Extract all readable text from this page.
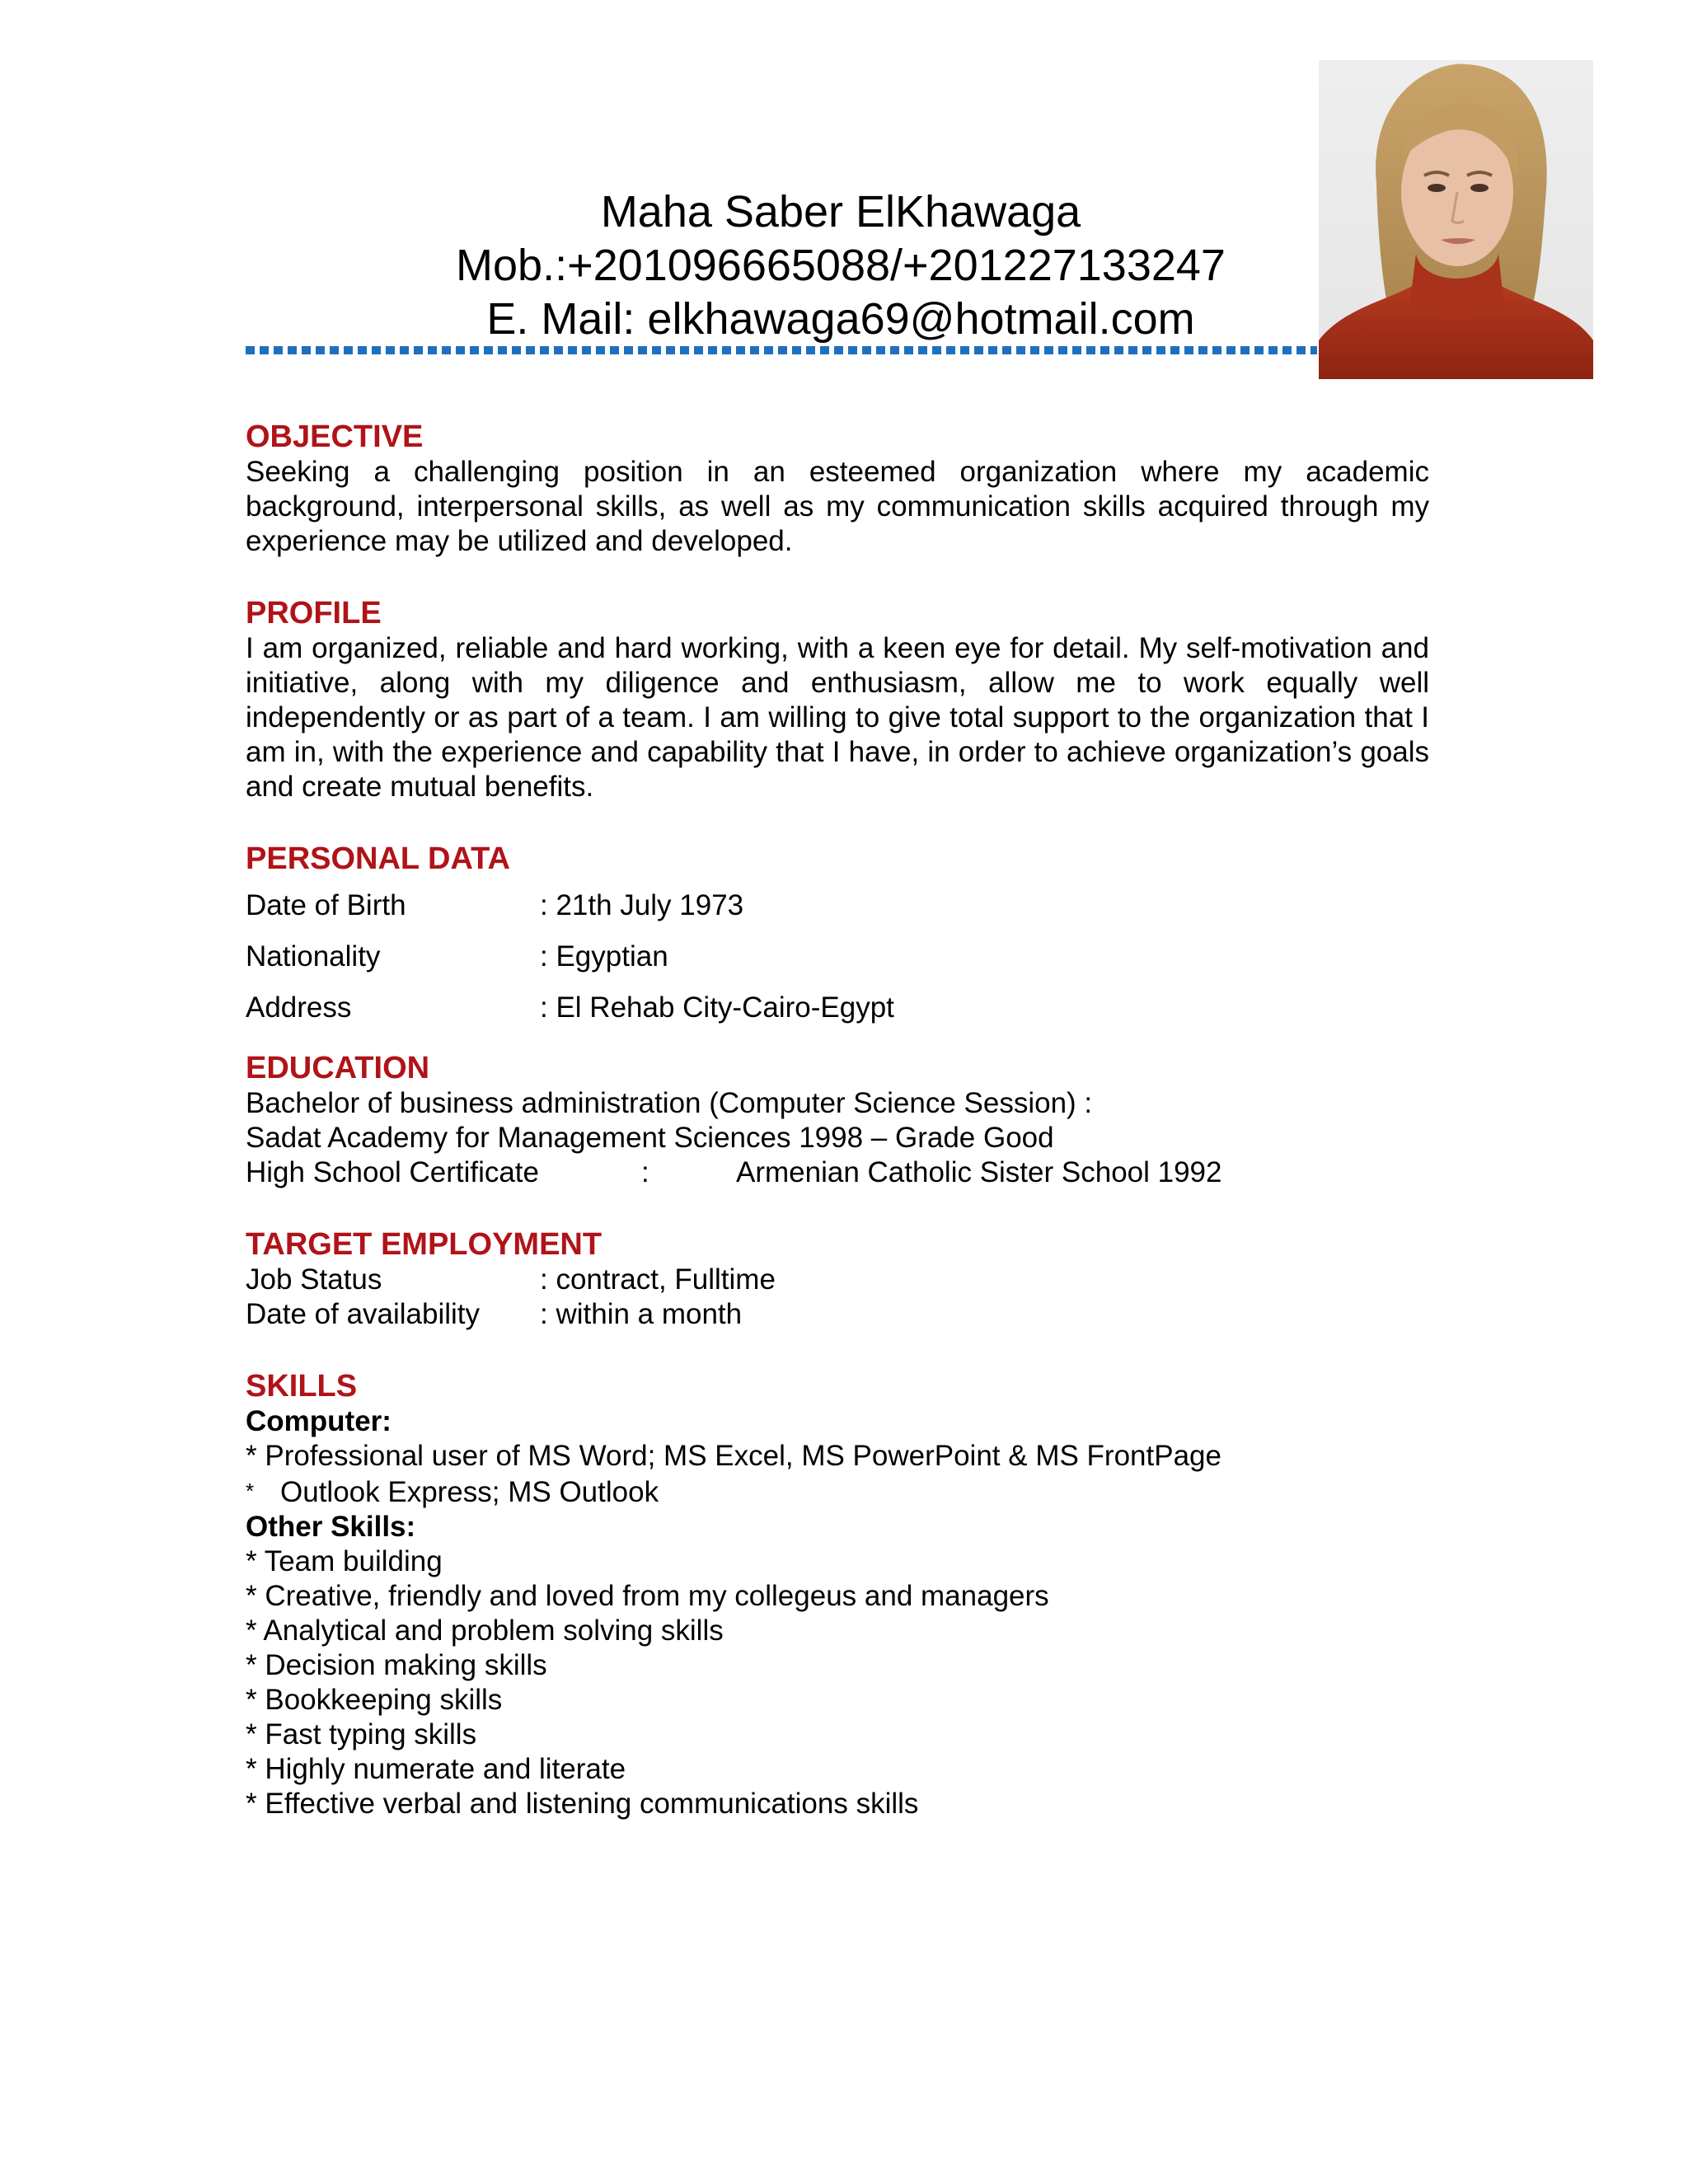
Maha Saber ElKhawaga
Mob.:+201096665088/+201227133247
E. Mail: elkhawaga69@hotmail.com
OBJECTIVE

Seeking a challenging position in an esteemed organization where my academic background, interpersonal skills, as well as my communication skills acquired through my experience may be utilized and developed.

PROFILE

I am organized, reliable and hard working, with a keen eye for detail. My self-motivation and initiative, along with my diligence and enthusiasm, allow me to work equally well independently or as part of a team. I am willing to give total support to the organization that I am in, with the experience and capability that I have, in order to achieve organization’s goals and create mutual benefits.

PERSONAL DATA
Date of Birth	: 21th July 1973
Nationality	: Egyptian
Address	: El Rehab City-Cairo-Egypt
EDUCATION
Bachelor of business administration (Computer Science Session) :
Sadat Academy for Management Sciences 1998 – Grade Good
High School Certificate	:	Armenian Catholic Sister School 1992
TARGET EMPLOYMENT
Job Status	: contract, Fulltime
Date of availability	: within a month
SKILLS
Computer:
* Professional user of MS Word; MS Excel, MS PowerPoint & MS FrontPage
* Outlook Express; MS Outlook
Other Skills:
* Team building
* Creative, friendly and loved from my collegeus and managers
* Analytical and problem solving skills
* Decision making skills
* Bookkeeping skills
* Fast typing skills
* Highly numerate and literate
* Effective verbal and listening communications skills
